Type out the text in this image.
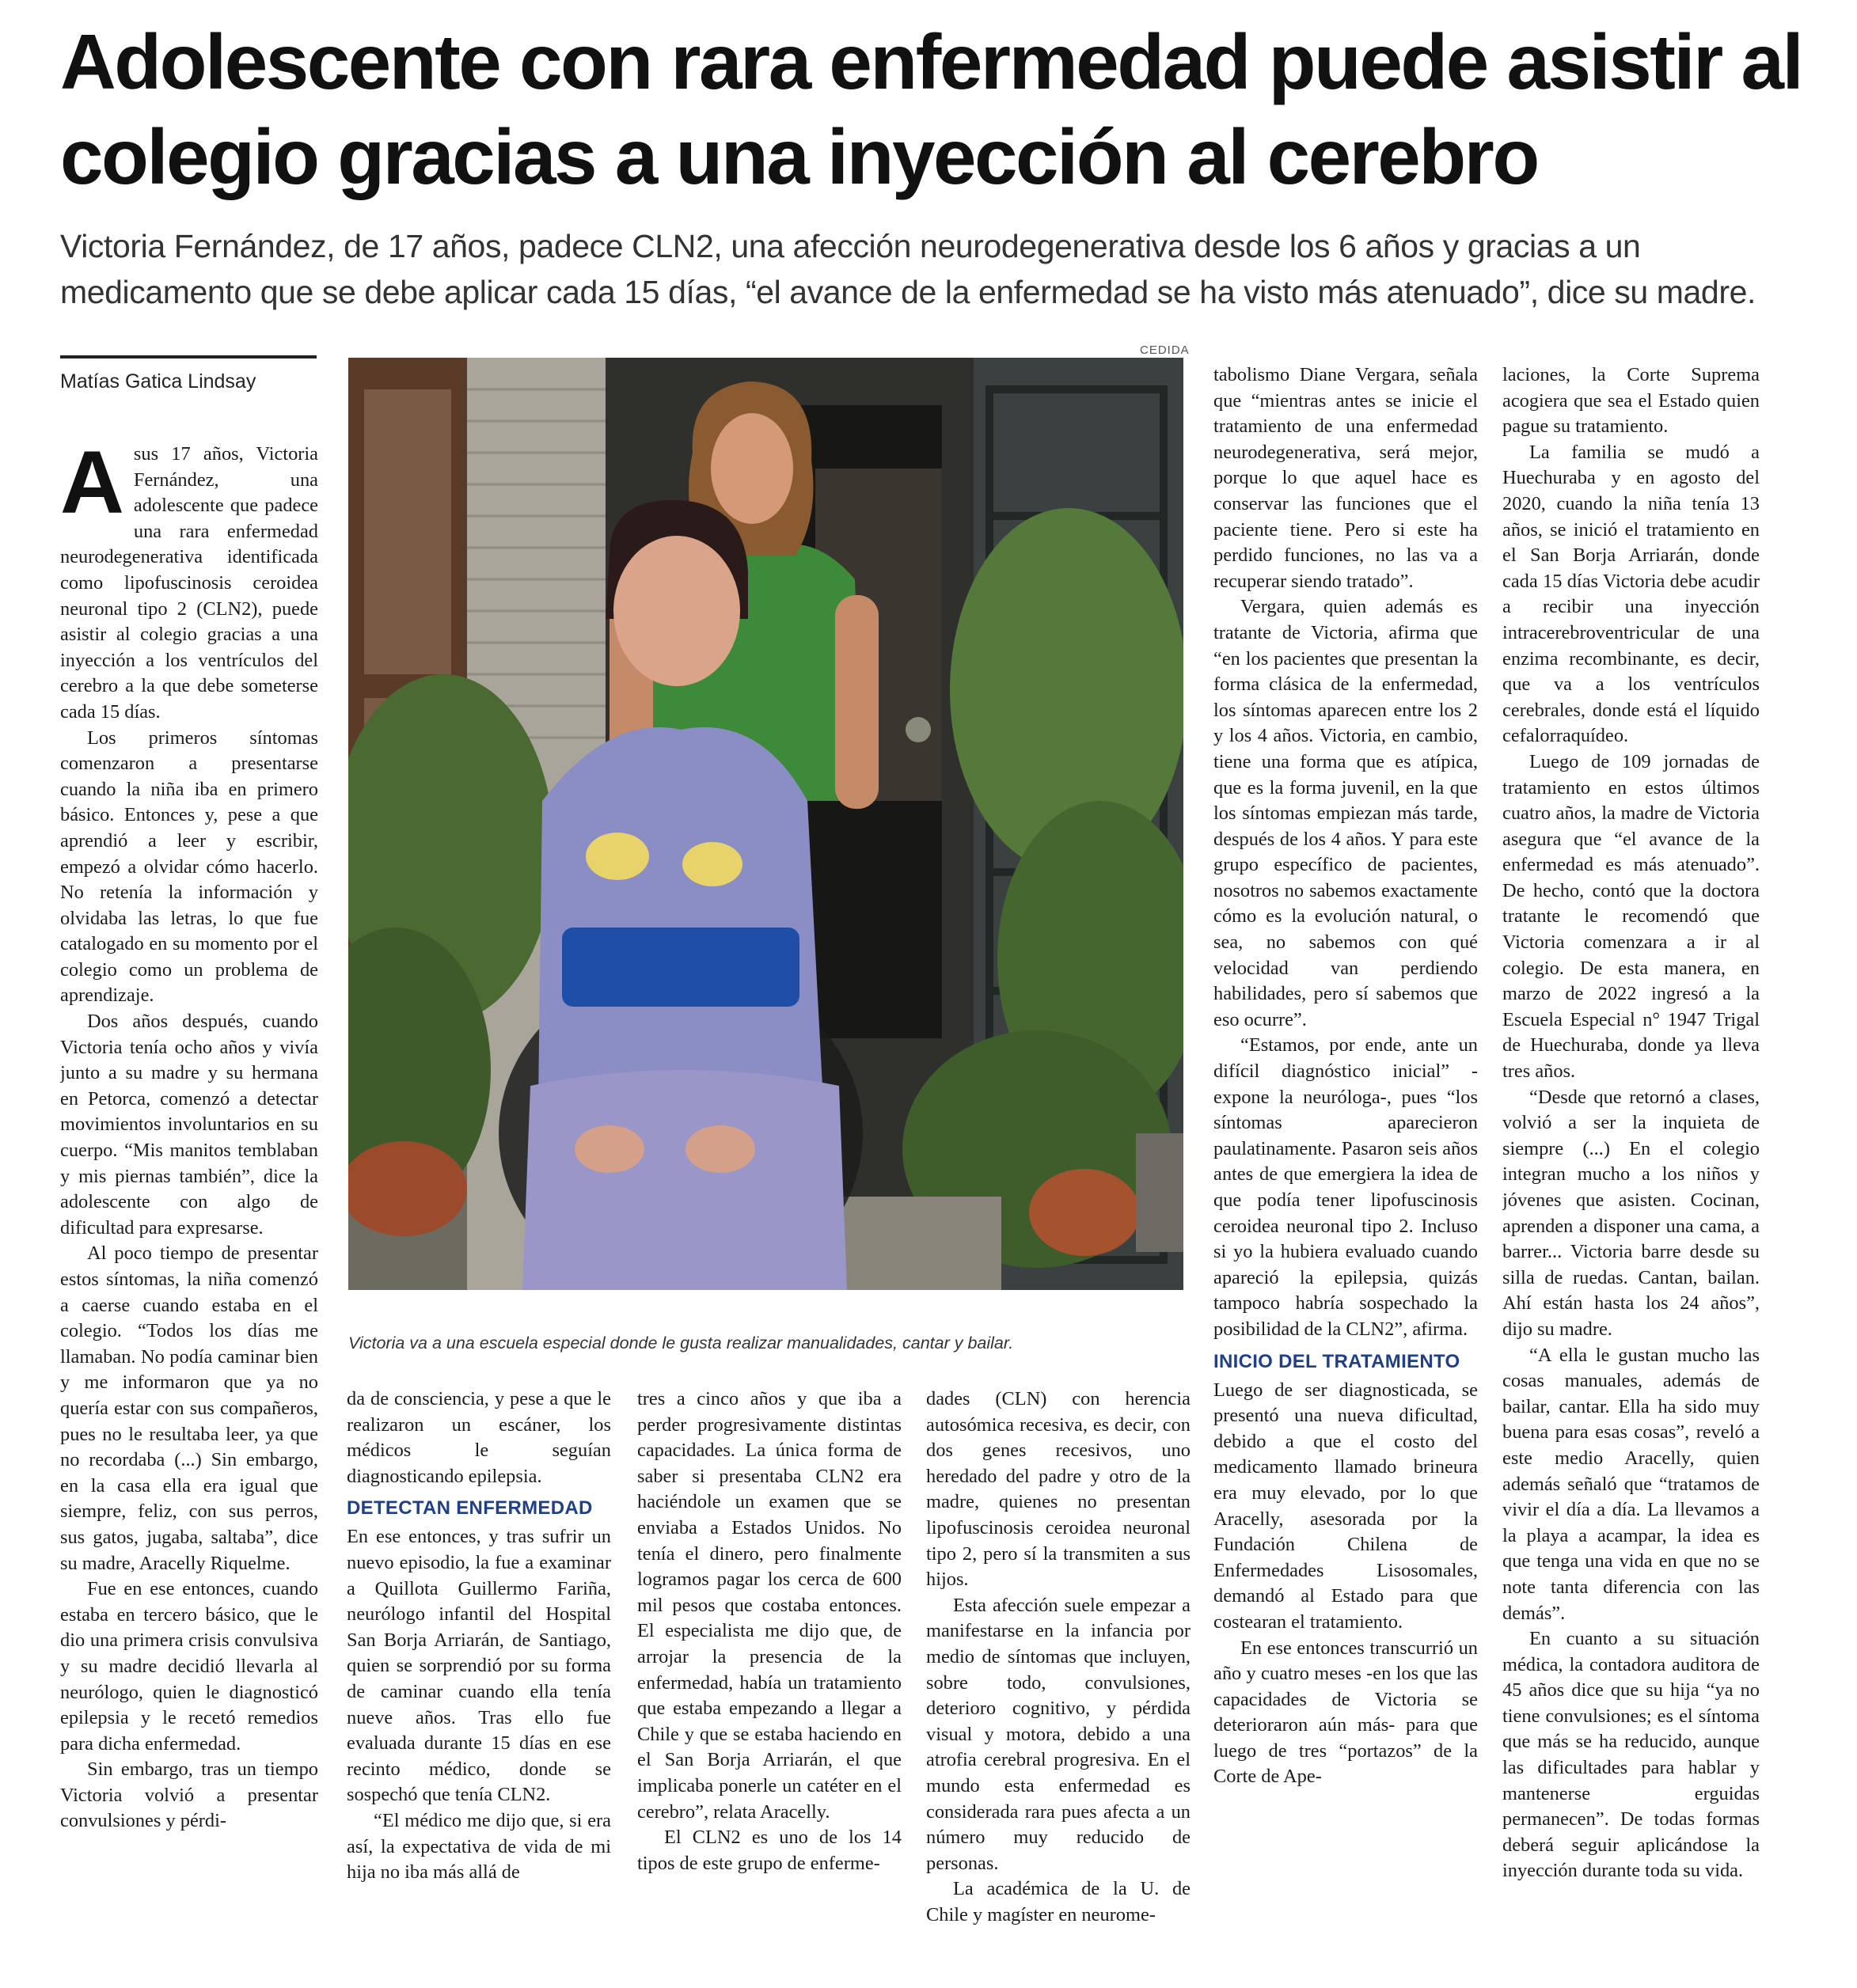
Adolescente con rara enfermedad puede asistir al colegio gracias a una inyección al cerebro

Victoria Fernández, de 17 años, padece CLN2, una afección neurodegenerativa desde los 6 años y gracias a un medicamento que se debe aplicar cada 15 días, “el avance de la enfermedad se ha visto más atenuado”, dice su madre.

Matías Gatica Lindsay
CEDIDA

Asus 17 años, Victoria Fernández, una adolescente que padece una rara enfermedad neurodegenerativa identificada como lipofuscinosis ceroidea neuronal tipo 2 (CLN2), puede asistir al colegio gracias a una inyección a los ventrículos del cerebro a la que debe someterse cada 15 días.

Los primeros síntomas comenzaron a presentarse cuando la niña iba en primero básico. Entonces y, pese a que aprendió a leer y escribir, empezó a olvidar cómo hacerlo. No retenía la información y olvidaba las letras, lo que fue catalogado en su momento por el colegio como un problema de aprendizaje.

Dos años después, cuando Victoria tenía ocho años y vivía junto a su madre y su hermana en Petorca, comenzó a detectar movimientos involuntarios en su cuerpo. “Mis manitos temblaban y mis piernas también”, dice la adolescente con algo de dificultad para expresarse.

Al poco tiempo de presentar estos síntomas, la niña comenzó a caerse cuando estaba en el colegio. “Todos los días me llamaban. No podía caminar bien y me informaron que ya no quería estar con sus compañeros, pues no le resultaba leer, ya que no recordaba (...) Sin embargo, en la casa ella era igual que siempre, feliz, con sus perros, sus gatos, jugaba, saltaba”, dice su madre, Aracelly Riquelme.

Fue en ese entonces, cuando estaba en tercero básico, que le dio una primera crisis convulsiva y su madre decidió llevarla al neurólogo, quien le diagnosticó epilepsia y le recetó remedios para dicha enfermedad.

Sin embargo, tras un tiempo Victoria volvió a presentar convulsiones y pérdi-

Victoria va a una escuela especial donde le gusta realizar manualidades, cantar y bailar.

da de consciencia, y pese a que le realizaron un escáner, los médicos le seguían diagnosticando epilepsia.

DETECTAN ENFERMEDAD

En ese entonces, y tras sufrir un nuevo episodio, la fue a examinar a Quillota Guillermo Fariña, neurólogo infantil del Hospital San Borja Arriarán, de Santiago, quien se sorprendió por su forma de caminar cuando ella tenía nueve años. Tras ello fue evaluada durante 15 días en ese recinto médico, donde se sospechó que tenía CLN2.

“El médico me dijo que, si era así, la expectativa de vida de mi hija no iba más allá de

tres a cinco años y que iba a perder progresivamente distintas capacidades. La única forma de saber si presentaba CLN2 era haciéndole un examen que se enviaba a Estados Unidos. No tenía el dinero, pero finalmente logramos pagar los cerca de 600 mil pesos que costaba entonces. El especialista me dijo que, de arrojar la presencia de la enfermedad, había un tratamiento que estaba empezando a llegar a Chile y que se estaba haciendo en el San Borja Arriarán, el que implicaba ponerle un catéter en el cerebro”, relata Aracelly.

El CLN2 es uno de los 14 tipos de este grupo de enferme-

dades (CLN) con herencia autosómica recesiva, es decir, con dos genes recesivos, uno heredado del padre y otro de la madre, quienes no presentan lipofuscinosis ceroidea neuronal tipo 2, pero sí la transmiten a sus hijos.

Esta afección suele empezar a manifestarse en la infancia por medio de síntomas que incluyen, sobre todo, convulsiones, deterioro cognitivo, y pérdida visual y motora, debido a una atrofia cerebral progresiva. En el mundo esta enfermedad es considerada rara pues afecta a un número muy reducido de personas.

La académica de la U. de Chile y magíster en neurome-

tabolismo Diane Vergara, señala que “mientras antes se inicie el tratamiento de una enfermedad neurodegenerativa, será mejor, porque lo que aquel hace es conservar las funciones que el paciente tiene. Pero si este ha perdido funciones, no las va a recuperar siendo tratado”.

Vergara, quien además es tratante de Victoria, afirma que “en los pacientes que presentan la forma clásica de la enfermedad, los síntomas aparecen entre los 2 y los 4 años. Victoria, en cambio, tiene una forma que es atípica, que es la forma juvenil, en la que los síntomas empiezan más tarde, después de los 4 años. Y para este grupo específico de pacientes, nosotros no sabemos exactamente cómo es la evolución natural, o sea, no sabemos con qué velocidad van perdiendo habilidades, pero sí sabemos que eso ocurre”.

“Estamos, por ende, ante un difícil diagnóstico inicial” -expone la neuróloga-, pues “los síntomas aparecieron paulatinamente. Pasaron seis años antes de que emergiera la idea de que podía tener lipofuscinosis ceroidea neuronal tipo 2. Incluso si yo la hubiera evaluado cuando apareció la epilepsia, quizás tampoco habría sospechado la posibilidad de la CLN2”, afirma.

INICIO DEL TRATAMIENTO

Luego de ser diagnosticada, se presentó una nueva dificultad, debido a que el costo del medicamento llamado brineura era muy elevado, por lo que Aracelly, asesorada por la Fundación Chilena de Enfermedades Lisosomales, demandó al Estado para que costearan el tratamiento.

En ese entonces transcurrió un año y cuatro meses -en los que las capacidades de Victoria se deterioraron aún más- para que luego de tres “portazos” de la Corte de Ape-

laciones, la Corte Suprema acogiera que sea el Estado quien pague su tratamiento.

La familia se mudó a Huechuraba y en agosto del 2020, cuando la niña tenía 13 años, se inició el tratamiento en el San Borja Arriarán, donde cada 15 días Victoria debe acudir a recibir una inyección intracerebroventricular de una enzima recombinante, es decir, que va a los ventrículos cerebrales, donde está el líquido cefalorraquídeo.

Luego de 109 jornadas de tratamiento en estos últimos cuatro años, la madre de Victoria asegura que “el avance de la enfermedad es más atenuado”. De hecho, contó que la doctora tratante le recomendó que Victoria comenzara a ir al colegio. De esta manera, en marzo de 2022 ingresó a la Escuela Especial n° 1947 Trigal de Huechuraba, donde ya lleva tres años.

“Desde que retornó a clases, volvió a ser la inquieta de siempre (...) En el colegio integran mucho a los niños y jóvenes que asisten. Cocinan, aprenden a disponer una cama, a barrer... Victoria barre desde su silla de ruedas. Cantan, bailan. Ahí están hasta los 24 años”, dijo su madre.

“A ella le gustan mucho las cosas manuales, además de bailar, cantar. Ella ha sido muy buena para esas cosas”, reveló a este medio Aracelly, quien además señaló que “tratamos de vivir el día a día. La llevamos a la playa a acampar, la idea es que tenga una vida en que no se note tanta diferencia con las demás”.

En cuanto a su situación médica, la contadora auditora de 45 años dice que su hija “ya no tiene convulsiones; es el síntoma que más se ha reducido, aunque las dificultades para hablar y mantenerse erguidas permanecen”. De todas formas deberá seguir aplicándose la inyección durante toda su vida.
